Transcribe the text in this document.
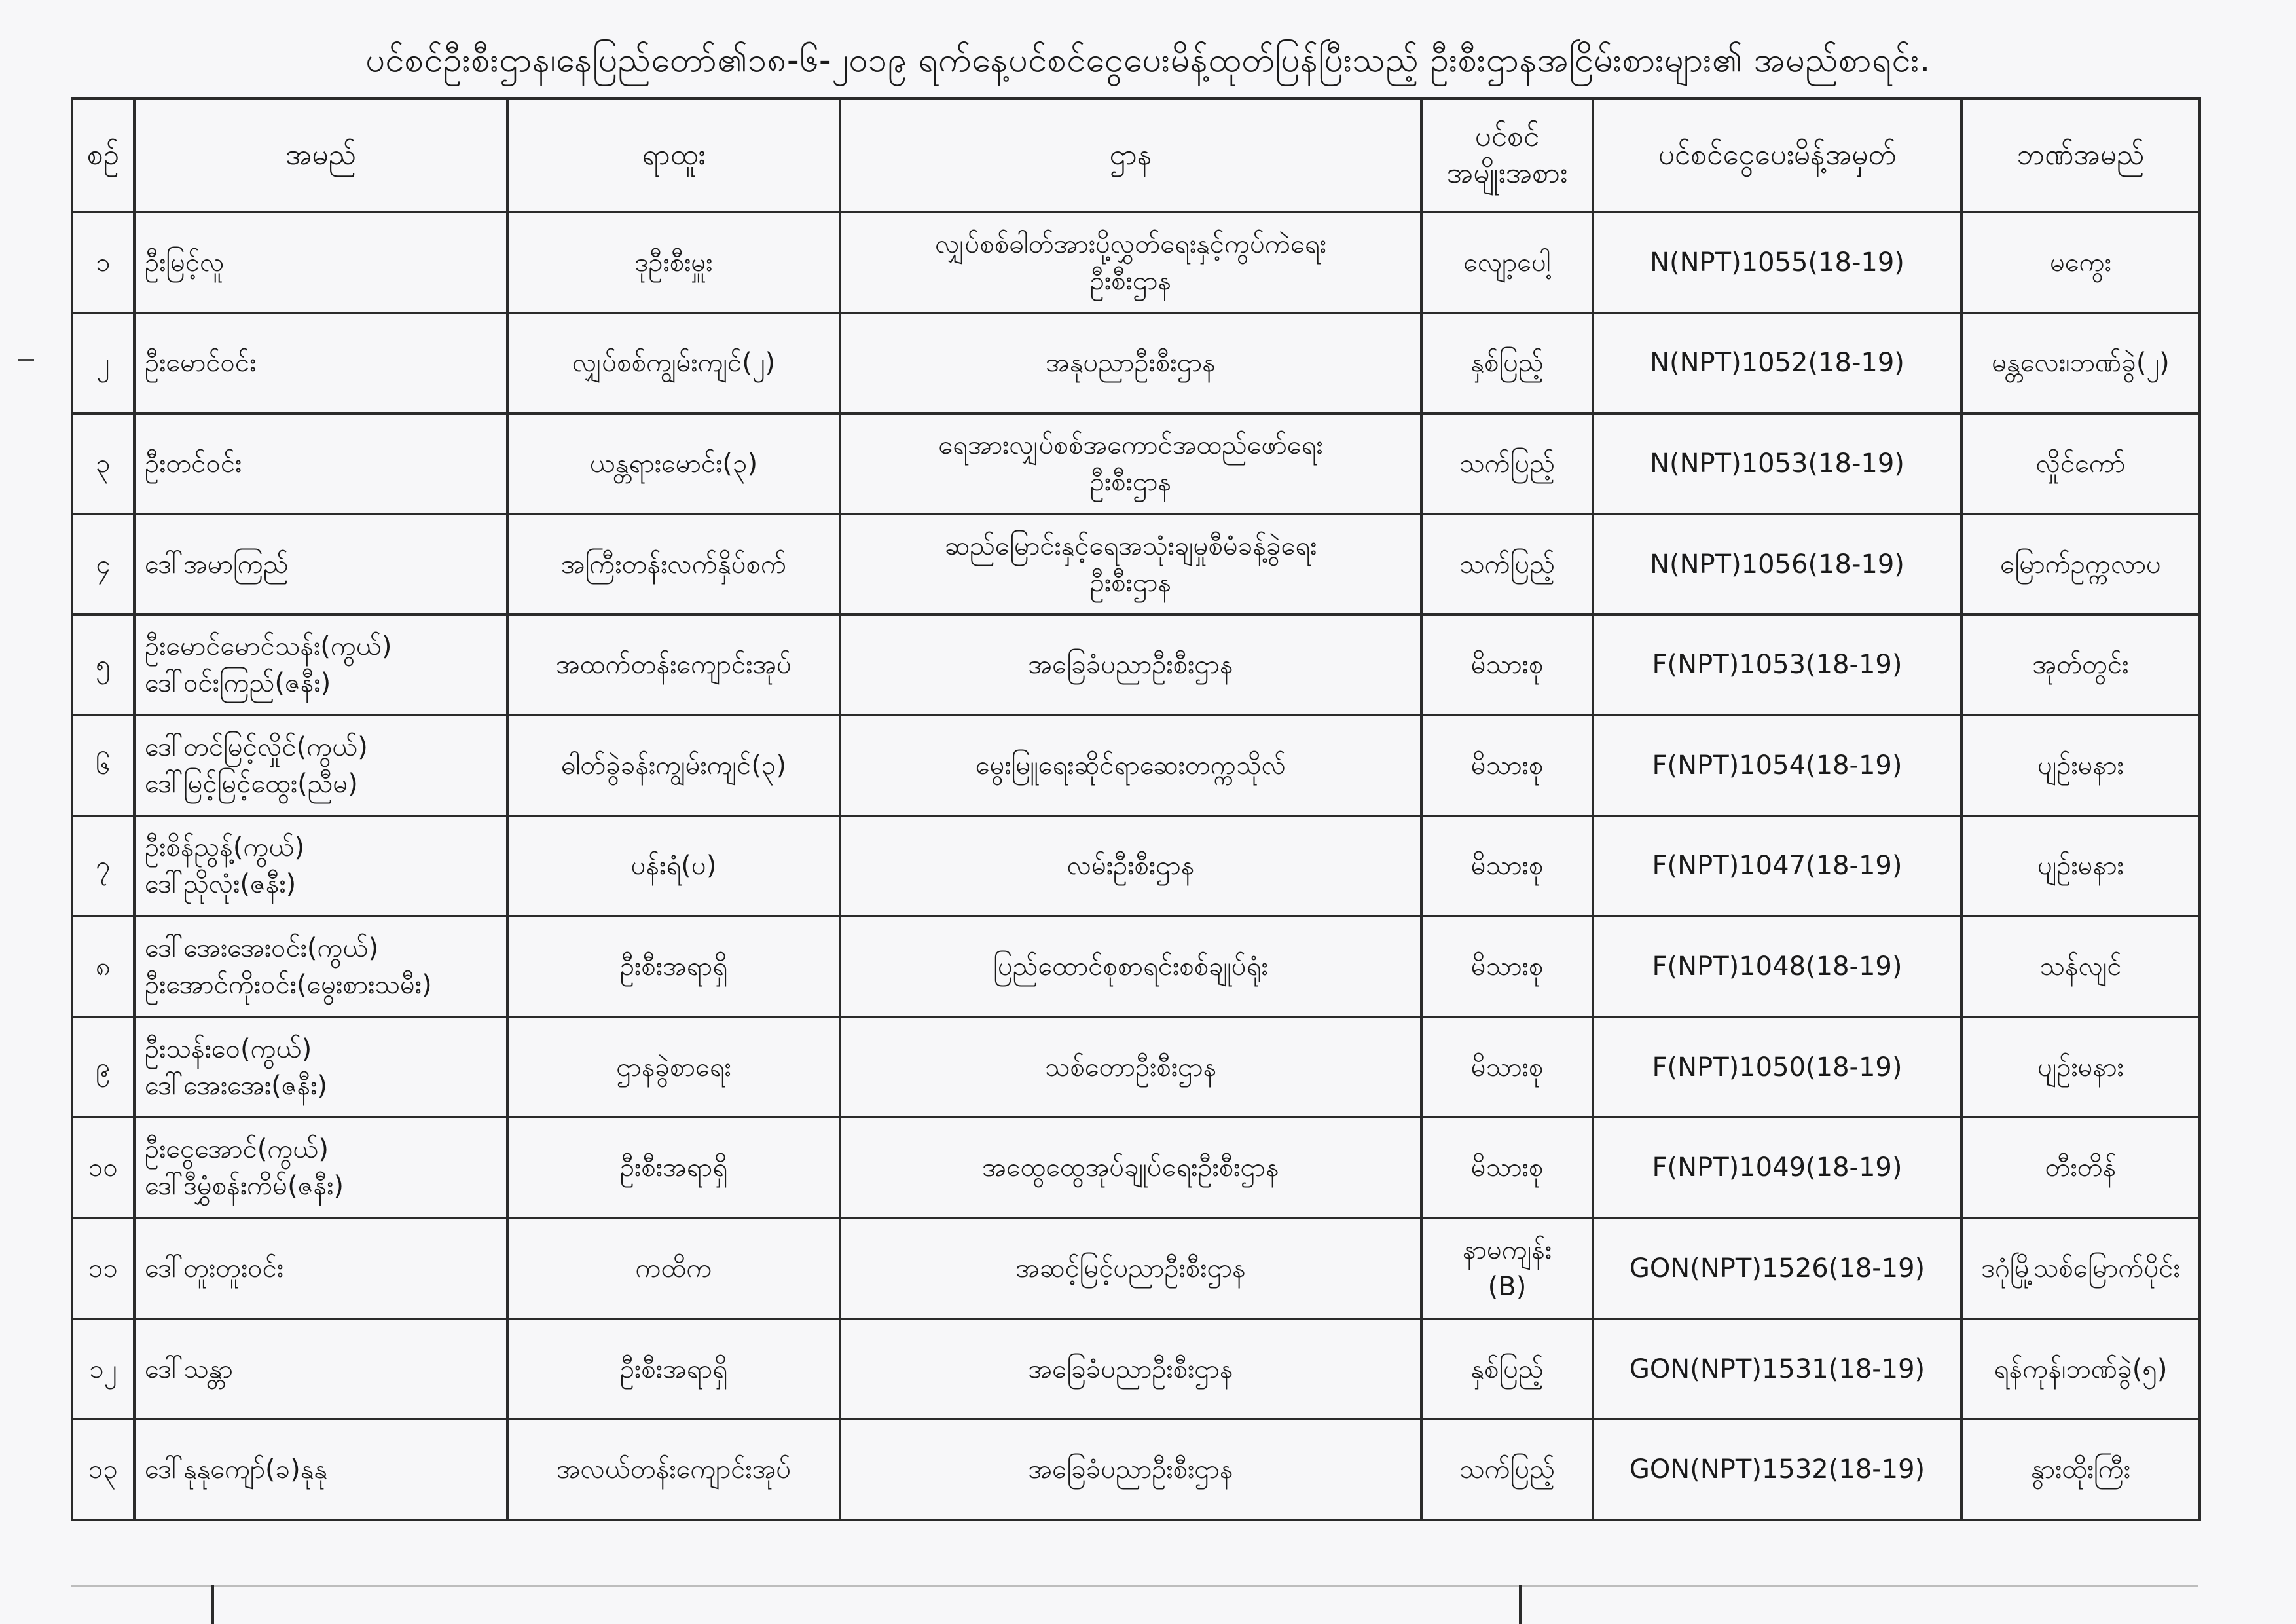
ပင်စင်ဦးစီးဌာန၊နေပြည်တော်၏၁၈-၆-၂၀၁၉ ရက်နေ့ပင်စင်ငွေပေးမိန့်ထုတ်ပြန်ပြီးသည့် ဦးစီးဌာနအငြိမ်းစားများ၏ အမည်စာရင်း.
စဉ်	အမည်	ရာထူး	ဌာန	ပင်စင်
အမျိုးအစား	ပင်စင်ငွေပေးမိန့်အမှတ်	ဘဏ်အမည်
၁	ဦးမြင့်လူ	ဒုဦးစီးမှူး	လျှပ်စစ်ဓါတ်အားပို့လွှတ်ရေးနှင့်ကွပ်ကဲရေး
ဦးစီးဌာန	လျော့ပေါ့	N(NPT)1055(18-19)	မကွေး
၂	ဦးမောင်ဝင်း	လျှပ်စစ်ကျွမ်းကျင်(၂)	အနုပညာဦးစီးဌာန	နှစ်ပြည့်	N(NPT)1052(18-19)	မန္တလေး၊ဘဏ်ခွဲ(၂)
၃	ဦးတင်ဝင်း	ယန္တရားမောင်း(၃)	ရေအားလျှပ်စစ်အကောင်အထည်ဖော်ရေး
ဦးစီးဌာန	သက်ပြည့်	N(NPT)1053(18-19)	လှိုင်ကော်
၄	ဒေါ်အမာကြည်	အကြီးတန်းလက်နှိပ်စက်	ဆည်မြောင်းနှင့်ရေအသုံးချမှုစီမံခန့်ခွဲရေး
ဦးစီးဌာန	သက်ပြည့်	N(NPT)1056(18-19)	မြောက်ဥက္ကလာပ
၅	ဦးမောင်မောင်သန်း(ကွယ်)
ဒေါ်ဝင်းကြည်(ဇနီး)	အထက်တန်းကျောင်းအုပ်	အခြေခံပညာဦးစီးဌာန	မိသားစု	F(NPT)1053(18-19)	အုတ်တွင်း
၆	ဒေါ်တင်မြင့်လှိုင်(ကွယ်)
ဒေါ်မြင့်မြင့်ထွေး(ညီမ)	ဓါတ်ခွဲခန်းကျွမ်းကျင်(၃)	မွေးမြူရေးဆိုင်ရာဆေးတက္ကသိုလ်	မိသားစု	F(NPT)1054(18-19)	ပျဉ်းမနား
၇	ဦးစိန်ညွန့်(ကွယ်)
ဒေါ်ညိုလုံး(ဇနီး)	ပန်းရံ(ပ)	လမ်းဦးစီးဌာန	မိသားစု	F(NPT)1047(18-19)	ပျဉ်းမနား
၈	ဒေါ်အေးအေးဝင်း(ကွယ်)
ဦးအောင်ကိုးဝင်း(မွေးစားသမီး)	ဦးစီးအရာရှိ	ပြည်ထောင်စုစာရင်းစစ်ချုပ်ရုံး	မိသားစု	F(NPT)1048(18-19)	သန်လျင်
၉	ဦးသန်းဝေ(ကွယ်)
ဒေါ်အေးအေး(ဇနီး)	ဌာနခွဲစာရေး	သစ်တောဦးစီးဌာန	မိသားစု	F(NPT)1050(18-19)	ပျဉ်းမနား
၁၀	ဦးငွေအောင်(ကွယ်)
ဒေါ်ဒီမွှံစန်းကိမ်(ဇနီး)	ဦးစီးအရာရှိ	အထွေထွေအုပ်ချုပ်ရေးဦးစီးဌာန	မိသားစု	F(NPT)1049(18-19)	တီးတိန်
၁၁	ဒေါ်တူးတူးဝင်း	ကထိက	အဆင့်မြင့်ပညာဦးစီးဌာန	နာမကျန်း
(B)	GON(NPT)1526(18-19)	ဒဂုံမြို့သစ်မြောက်ပိုင်း
၁၂	ဒေါ်သန္တာ	ဦးစီးအရာရှိ	အခြေခံပညာဦးစီးဌာန	နှစ်ပြည့်	GON(NPT)1531(18-19)	ရန်ကုန်၊ဘဏ်ခွဲ(၅)
၁၃	ဒေါ်နုနုကျော်(ခ)နုနု	အလယ်တန်းကျောင်းအုပ်	အခြေခံပညာဦးစီးဌာန	သက်ပြည့်	GON(NPT)1532(18-19)	နွားထိုးကြီး
